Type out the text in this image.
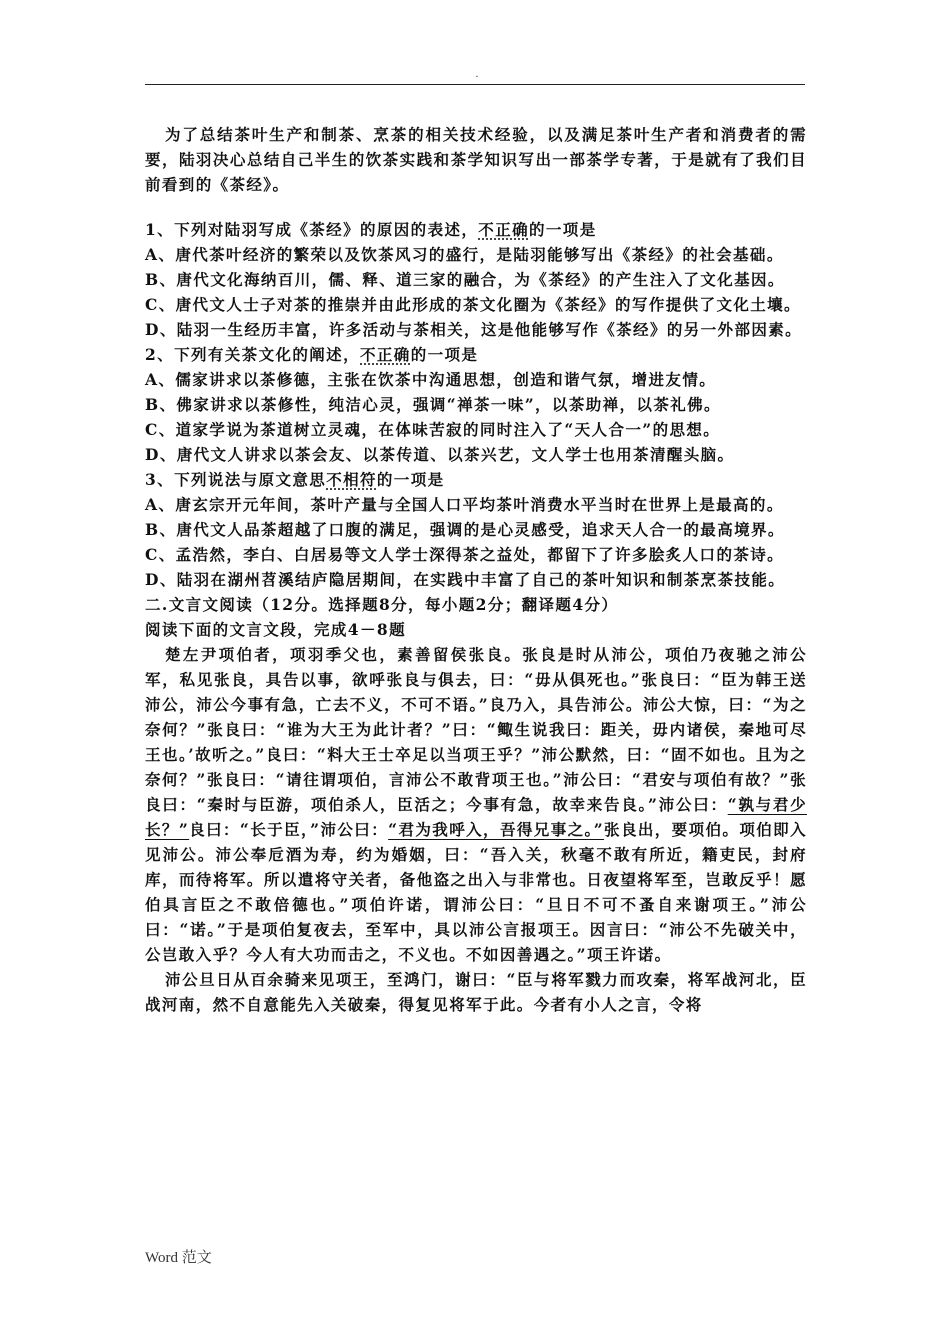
.

为了总结茶叶生产和制茶、烹茶的相关技术经验，以及满足茶叶生产者和消费者的需要，陆羽决心总结自己半生的饮茶实践和茶学知识写出一部茶学专著，于是就有了我们目前看到的《茶经》。

1、下列对陆羽写成《茶经》的原因的表述，不正确的一项是

A、唐代茶叶经济的繁荣以及饮茶风习的盛行，是陆羽能够写出《茶经》的社会基础。

B、唐代文化海纳百川，儒、释、道三家的融合，为《茶经》的产生注入了文化基因。

C、唐代文人士子对茶的推崇并由此形成的茶文化圈为《茶经》的写作提供了文化土壤。

D、陆羽一生经历丰富，许多活动与茶相关，这是他能够写作《茶经》的另一外部因素。

2、下列有关茶文化的阐述，不正确的一项是

A、儒家讲求以茶修德，主张在饮茶中沟通思想，创造和谐气氛，增进友情。

B、佛家讲求以茶修性，纯洁心灵，强调“禅茶一味”，以茶助禅，以茶礼佛。

C、道家学说为茶道树立灵魂，在体味苦寂的同时注入了“天人合一”的思想。

D、唐代文人讲求以茶会友、以茶传道、以茶兴艺，文人学士也用茶清醒头脑。

3、下列说法与原文意思不相符的一项是

A、唐玄宗开元年间，茶叶产量与全国人口平均茶叶消费水平当时在世界上是最高的。

B、唐代文人品茶超越了口腹的满足，强调的是心灵感受，追求天人合一的最高境界。

C、孟浩然，李白、白居易等文人学士深得茶之益处，都留下了许多脍炙人口的茶诗。

D、陆羽在湖州苕溪结庐隐居期间，在实践中丰富了自己的茶叶知识和制茶烹茶技能。

二.文言文阅读（12分。选择题8分，每小题2分；翻译题4分）

阅读下面的文言文段，完成4－8题

楚左尹项伯者，项羽季父也，素善留侯张良。张良是时从沛公，项伯乃夜驰之沛公军，私见张良，具告以事，欲呼张良与俱去，曰：“毋从俱死也。”张良曰：“臣为韩王送沛公，沛公今事有急，亡去不义，不可不语。”良乃入，具告沛公。沛公大惊，曰：“为之奈何？”张良曰：“谁为大王为此计者？”曰：“鲰生说我曰：距关，毋内诸侯，秦地可尽王也。’故听之。”良曰：“料大王士卒足以当项王乎？”沛公默然，曰：“固不如也。且为之奈何？”张良曰：“请往谓项伯，言沛公不敢背项王也。”沛公曰：“君安与项伯有故？”张良曰：“秦时与臣游，项伯杀人，臣活之；今事有急，故幸来告良。”沛公曰：“孰与君少长？”良曰：“长于臣，”沛公曰：“君为我呼入，吾得兄事之。”张良出，要项伯。项伯即入见沛公。沛公奉卮酒为寿，约为婚姻，曰：“吾入关，秋毫不敢有所近，籍吏民，封府库，而待将军。所以遣将守关者，备他盗之出入与非常也。日夜望将军至，岂敢反乎！愿伯具言臣之不敢倍德也。”项伯许诺，谓沛公曰：“旦日不可不蚤自来谢项王。”沛公曰：“诺。”于是项伯复夜去，至军中，具以沛公言报项王。因言曰：“沛公不先破关中，公岂敢入乎？今人有大功而击之，不义也。不如因善遇之。”项王许诺。

沛公旦日从百余骑来见项王，至鸿门，谢曰：“臣与将军戮力而攻秦，将军战河北，臣战河南，然不自意能先入关破秦，得复见将军于此。今者有小人之言，令将

Word 范文
